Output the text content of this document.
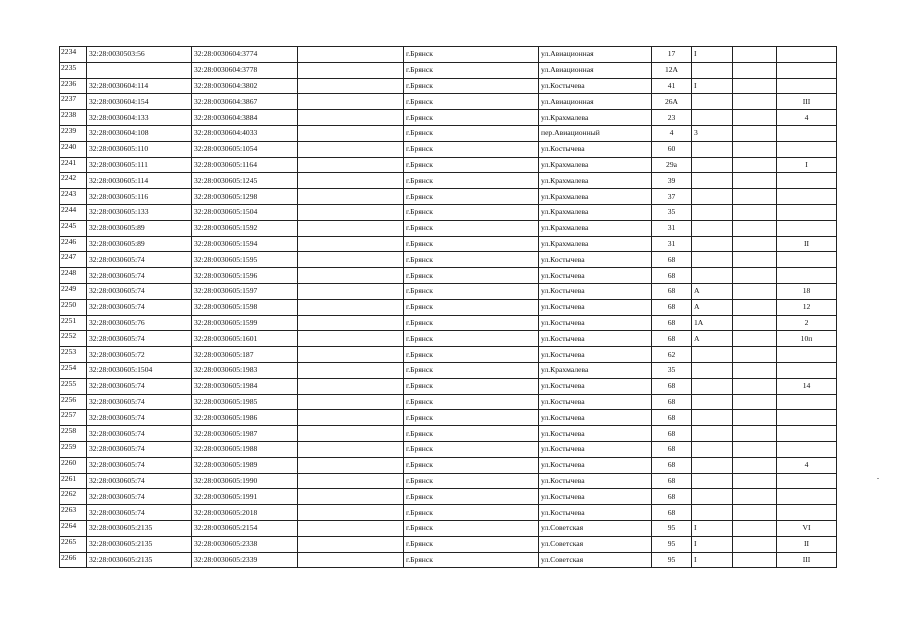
2234	32:28:0030503:56	32:28:0030604:3774		г.Брянск	ул.Авиационная	17	I		
2235		32:28:0030604:3778		г.Брянск	ул.Авиационная	12А			
2236	32:28:0030604:114	32:28:0030604:3802		г.Брянск	ул.Костычева	41	I		
2237	32:28:0030604:154	32:28:0030604:3867		г.Брянск	ул.Авиационная	26А			III
2238	32:28:0030604:133	32:28:0030604:3884		г.Брянск	ул.Крахмалева	23			4
2239	32:28:0030604:108	32:28:0030604:4033		г.Брянск	пер.Авиационный	4	3		
2240	32:28:0030605:110	32:28:0030605:1054		г.Брянск	ул.Костычева	60			
2241	32:28:0030605:111	32:28:0030605:1164		г.Брянск	ул.Крахмалева	29а			I
2242	32:28:0030605:114	32:28:0030605:1245		г.Брянск	ул.Крахмалева	39			
2243	32:28:0030605:116	32:28:0030605:1298		г.Брянск	ул.Крахмалева	37			
2244	32:28:0030605:133	32:28:0030605:1504		г.Брянск	ул.Крахмалева	35			
2245	32:28:0030605:89	32:28:0030605:1592		г.Брянск	ул.Крахмалева	31			
2246	32:28:0030605:89	32:28:0030605:1594		г.Брянск	ул.Крахмалева	31			II
2247	32:28:0030605:74	32:28:0030605:1595		г.Брянск	ул.Костычева	68			
2248	32:28:0030605:74	32:28:0030605:1596		г.Брянск	ул.Костычева	68			
2249	32:28:0030605:74	32:28:0030605:1597		г.Брянск	ул.Костычева	68	А		18
2250	32:28:0030605:74	32:28:0030605:1598		г.Брянск	ул.Костычева	68	А		12
2251	32:28:0030605:76	32:28:0030605:1599		г.Брянск	ул.Костычева	68	1А		2
2252	32:28:0030605:74	32:28:0030605:1601		г.Брянск	ул.Костычева	68	А		10п
2253	32:28:0030605:72	32:28:0030605:187		г.Брянск	ул.Костычева	62			
2254	32:28:0030605:1504	32:28:0030605:1983		г.Брянск	ул.Крахмалева	35			
2255	32:28:0030605:74	32:28:0030605:1984		г.Брянск	ул.Костычева	68			14
2256	32:28:0030605:74	32:28:0030605:1985		г.Брянск	ул.Костычева	68			
2257	32:28:0030605:74	32:28:0030605:1986		г.Брянск	ул.Костычева	68			
2258	32:28:0030605:74	32:28:0030605:1987		г.Брянск	ул.Костычева	68			
2259	32:28:0030605:74	32:28:0030605:1988		г.Брянск	ул.Костычева	68			
2260	32:28:0030605:74	32:28:0030605:1989		г.Брянск	ул.Костычева	68			4
2261	32:28:0030605:74	32:28:0030605:1990		г.Брянск	ул.Костычева	68			
2262	32:28:0030605:74	32:28:0030605:1991		г.Брянск	ул.Костычева	68			
2263	32:28:0030605:74	32:28:0030605:2018		г.Брянск	ул.Костычева	68			
2264	32:28:0030605:2135	32:28:0030605:2154		г.Брянск	ул.Советская	95	I		VI
2265	32:28:0030605:2135	32:28:0030605:2338		г.Брянск	ул.Советская	95	I		II
2266	32:28:0030605:2135	32:28:0030605:2339		г.Брянск	ул.Советская	95	I		III
